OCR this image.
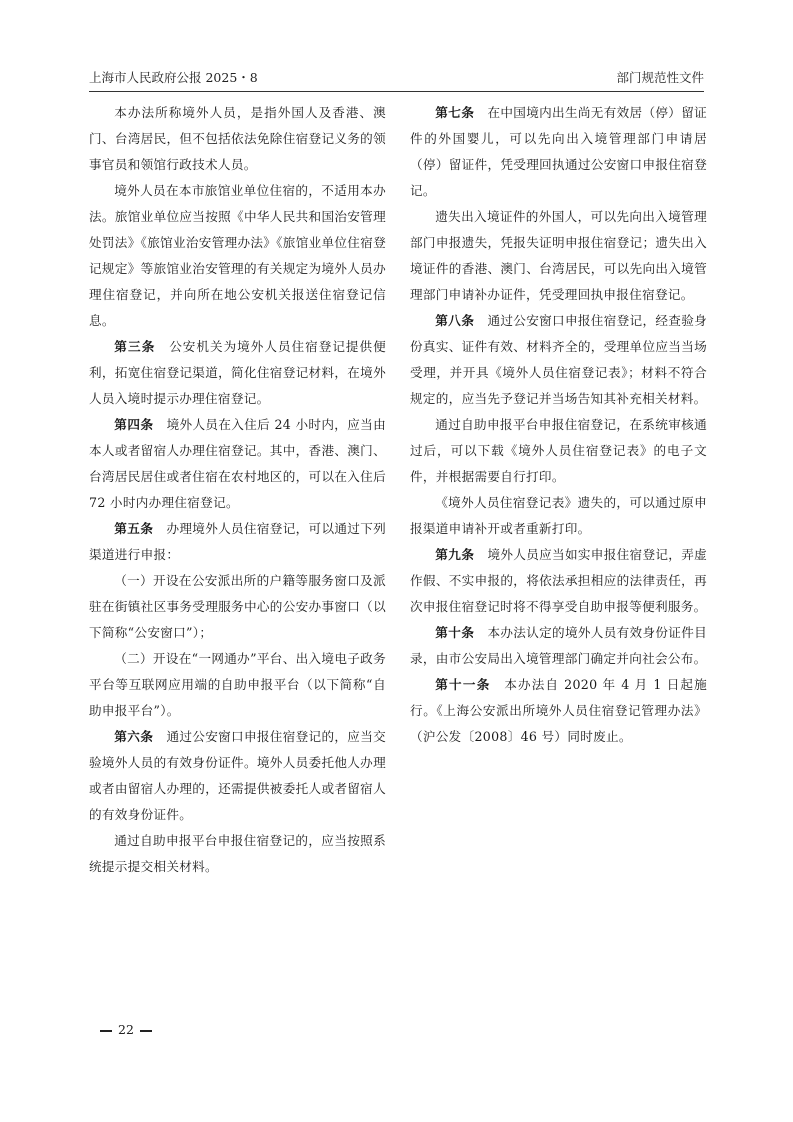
上海市人民政府公报 2025・8	部门规范性文件

本办法所称境外人员，是指外国人及香港、澳门、台湾居民，但不包括依法免除住宿登记义务的领事官员和领馆行政技术人员。

境外人员在本市旅馆业单位住宿的，不适用本办法。旅馆业单位应当按照《中华人民共和国治安管理处罚法》《旅馆业治安管理办法》《旅馆业单位住宿登记规定》等旅馆业治安管理的有关规定为境外人员办理住宿登记，并向所在地公安机关报送住宿登记信息。

第三条　 公安机关为境外人员住宿登记提供便利，拓宽住宿登记渠道，简化住宿登记材料，在境外人员入境时提示办理住宿登记。

第四条　 境外人员在入住后 24 小时内，应当由本人或者留宿人办理住宿登记。其中，香港、澳门、台湾居民居住或者住宿在农村地区的，可以在入住后 72 小时内办理住宿登记。

第五条　 办理境外人员住宿登记，可以通过下列渠道进行申报：

（一）开设在公安派出所的户籍等服务窗口及派驻在街镇社区事务受理服务中心的公安办事窗口（以下简称“公安窗口”）；

（二）开设在“一网通办”平台、出入境电子政务平台等互联网应用端的自助申报平台（以下简称“自助申报平台”）。

第六条　 通过公安窗口申报住宿登记的，应当交验境外人员的有效身份证件。境外人员委托他人办理或者由留宿人办理的，还需提供被委托人或者留宿人的有效身份证件。

通过自助申报平台申报住宿登记的，应当按照系统提示提交相关材料。

第七条　 在中国境内出生尚无有效居（停）留证件的外国婴儿，可以先向出入境管理部门申请居（停）留证件，凭受理回执通过公安窗口申报住宿登记。

遗失出入境证件的外国人，可以先向出入境管理部门申报遗失，凭报失证明申报住宿登记；遗失出入境证件的香港、澳门、台湾居民，可以先向出入境管理部门申请补办证件，凭受理回执申报住宿登记。

第八条　 通过公安窗口申报住宿登记，经查验身份真实、证件有效、材料齐全的，受理单位应当当场受理，并开具《境外人员住宿登记表》；材料不符合规定的，应当先予登记并当场告知其补充相关材料。

通过自助申报平台申报住宿登记，在系统审核通过后，可以下载《境外人员住宿登记表》的电子文件，并根据需要自行打印。

《境外人员住宿登记表》遗失的，可以通过原申报渠道申请补开或者重新打印。

第九条　 境外人员应当如实申报住宿登记，弄虚作假、不实申报的，将依法承担相应的法律责任，再次申报住宿登记时将不得享受自助申报等便利服务。

第十条　 本办法认定的境外人员有效身份证件目录，由市公安局出入境管理部门确定并向社会公布。

第十一条　 本办法自 2020 年 4 月 1 日起施行。《上海公安派出所境外人员住宿登记管理办法》（沪公发〔2008〕46 号）同时废止。

22
